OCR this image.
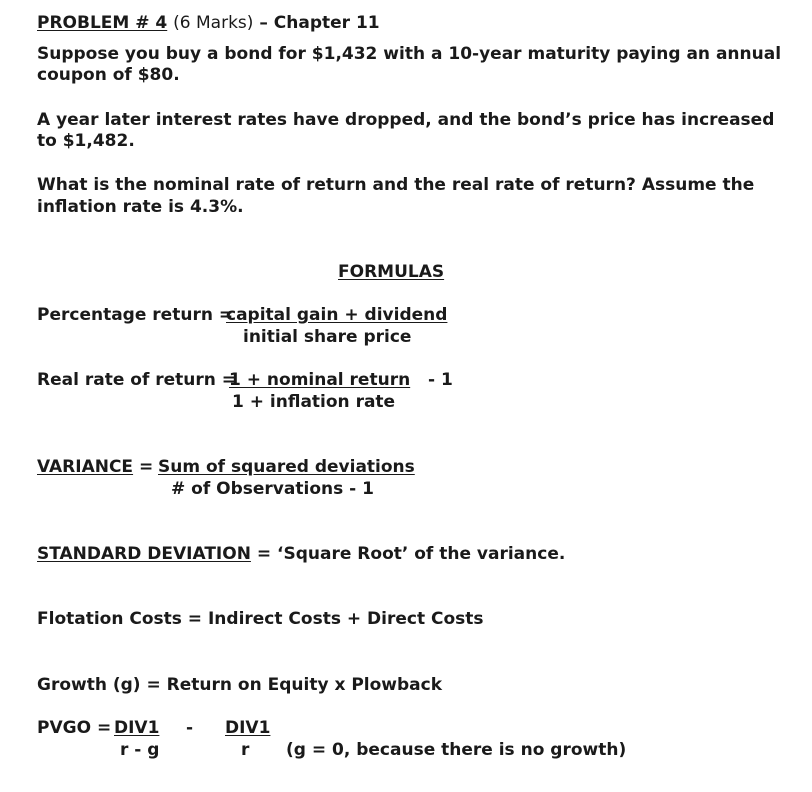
PROBLEM # 4 (6 Marks) – Chapter 11
Suppose you buy a bond for $1,432 with a 10-year maturity paying an annual
coupon of $80.
A year later interest rates have dropped, and the bond’s price has increased
to $1,482.
What is the nominal rate of return and the real rate of return? Assume the
inflation rate is 4.3%.
FORMULAS
Percentage return =
capital gain + dividend
initial share price
Real rate of return =
1 + nominal return - 1
1 + inflation rate
VARIANCE = Sum of squared deviations
# of Observations - 1
STANDARD DEVIATION = ‘Square Root’ of the variance.
Flotation Costs = Indirect Costs + Direct Costs
Growth (g) = Return on Equity x Plowback
PVGO = DIV1 - DIV1
r - g	r (g = 0, because there is no growth)
